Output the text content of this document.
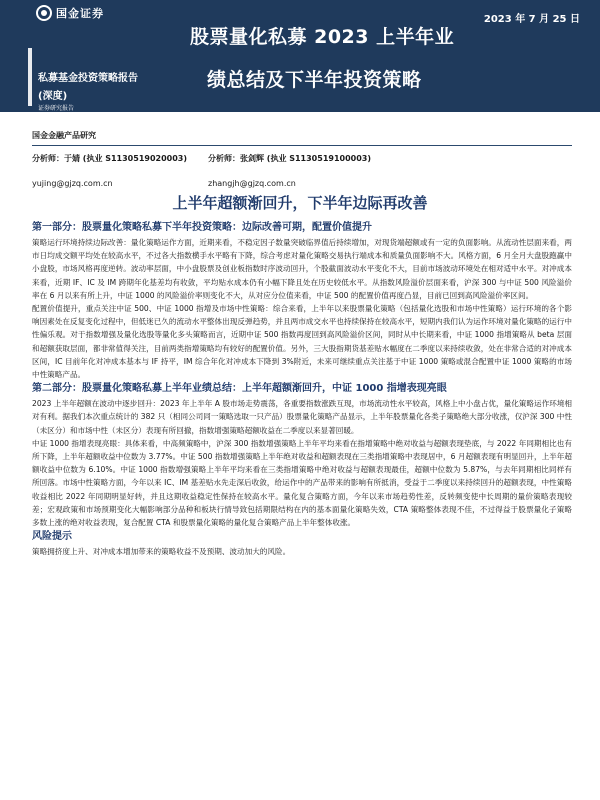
国金证券	2023 年 7 月 25 日
股票量化私募 2023 上半年业
绩总结及下半年投资策略
私募基金投资策略报告
(深度)
证券研究报告
国金金融产品研究
分析师：于婧 (执业 S1130519020003)
yujing@gjzq.com.cn
分析师：张剑辉 (执业 S1130519100003)
zhangjh@gjzq.com.cn
上半年超额渐回升，下半年边际再改善
第一部分：股票量化策略私募下半年投资策略：边际改善可期，配置价值提升

策略运行环境持续边际改善：量化策略运作方面，近期来看，不稳定因子数量突破临界值后持续增加，对现货端超额或有一定的负面影响。从流动性层面来看，两市日均成交额平均处在较高水平，不过各大指数横手水平略有下降，综合考虑对量化策略交易执行端成本和质量负面影响不大。风格方面，6 月全月大盘股跑赢中小盘股，市场风格再度逆转。波动率层面，中小盘股票及创业板指数时序波动回升，个股截面波动水平变化不大，目前市场波动环境处在相对适中水平。对冲成本来看，近期 IF、IC 及 IM 跨期年化基差均有收敛，平均贴水成本仍有小幅下降且处在历史较低水平。从指数风险溢价层面来看，沪深 300 与中证 500 风险溢价率在 6 月以来有所上升，中证 1000 的风险溢价率则变化不大，从对应分位值来看，中证 500 的配置价值再度凸显，目前已回到高风险溢价率区间。

配置价值提升，重点关注中证 500、中证 1000 指增及市场中性策略：综合来看，上半年以来股票量化策略（包括量化选股和市场中性策略）运行环境的各个影响因素处在反复变化过程中，但低迷已久的流动水平整体出现反弹趋势，并且两市成交水平也持续保持在较高水平，短期内我们认为运作环境对量化策略的运行中性偏乐观。对于指数增强及量化选股等量化多头策略而言，近期中证 500 指数再度回到高风险溢价区间，同时从中长期来看，中证 1000 指增策略从 beta 层面和超额获取层面，都非常值得关注，目前两类指增策略均有较好的配置价值。另外，三大股指期货基差贴水幅度在二季度以来持续收敛，处在非常合适的对冲成本区间，IC 目前年化对冲成本基本与 IF 持平，IM 综合年化对冲成本下降到 3%附近，未来可继续重点关注基于中证 1000 策略或混合配置中证 1000 策略的市场中性策略产品。

第二部分：股票量化策略私募上半年业绩总结：上半年超额渐回升，中证 1000 指增表现亮眼

2023 上半年超额在波动中逐步回升：2023 年上半年 A 股市场走势震荡，各重要指数涨跌互现，市场流动性水平较高，风格上中小盘占优，量化策略运作环境相对有利。据我们本次重点统计的 382 只（相同公司同一策略选取一只产品）股票量化策略产品显示，上半年股票量化各类子策略绝大部分收涨，仅沪深 300 中性（未区分）和市场中性（未区分）表现有所回撤，指数增强策略超额收益在二季度以来显著回暖。

中证 1000 指增表现亮眼：具体来看，中高频策略中，沪深 300 指数增强策略上半年平均来看在指增策略中绝对收益与超额表现垫底，与 2022 年同期相比也有所下降，上半年超额收益中位数为 3.77%。中证 500 指数增强策略上半年绝对收益和超额表现在三类指增策略中表现居中，6 月超额表现有明显回升，上半年超额收益中位数为 6.10%。中证 1000 指数增强策略上半年平均来看在三类指增策略中绝对收益与超额表现最佳，超额中位数为 5.87%，与去年同期相比同样有所回落。市场中性策略方面，今年以来 IC、IM 基差贴水先走深后收敛，给运作中的产品带来的影响有所抵消，受益于二季度以来持续回升的超额表现，中性策略收益相比 2022 年同期明显好转，并且这期收益稳定性保持在较高水平。量化复合策略方面，今年以来市场趋势性差，反转频变使中长周期的量价策略表现较差；宏观政策和市场预期变化大幅影响部分品种和板块行情导致包括期限结构在内的基本面量化策略失效，CTA 策略整体表现不佳，不过得益于股票量化子策略多数上涨的绝对收益表现，复合配置 CTA 和股票量化策略的量化复合策略产品上半年整体收涨。

风险提示

策略拥挤度上升、对冲成本增加带来的策略收益不及预期、波动加大的风险。
